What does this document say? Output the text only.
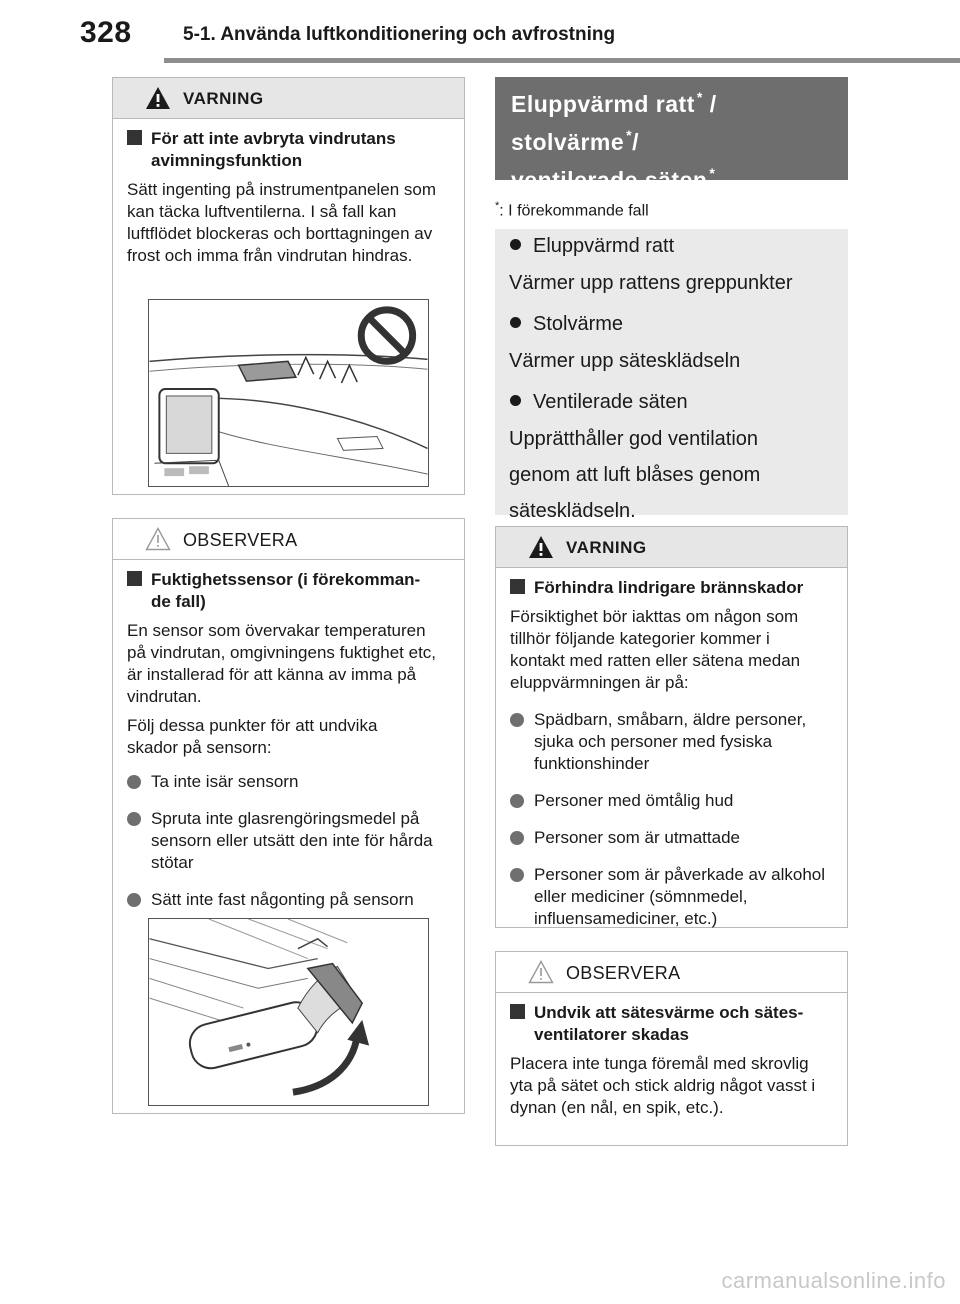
328	5-1. Använda luftkonditionering och avfrostning
VARNING
För att inte avbryta vindrutans
avimningsfunktion
Sätt ingenting på instrumentpanelen som kan täcka luftventilerna. I så fall kan luftflödet blockeras och borttagningen av frost och imma från vindrutan hindras.
OBSERVERA
Fuktighetssensor (i förekomman-
de fall)
En sensor som övervakar temperaturen på vindrutan, omgivningens fuktighet etc, är installerad för att känna av imma på vindrutan.
Följ dessa punkter för att undvika skador på sensorn:
Ta inte isär sensorn
Spruta inte glasrengöringsmedel på sensorn eller utsätt den inte för hårda stötar
Sätt inte fast någonting på sensorn
Eluppvärmd ratt * /
stolvärme */
ventilerade säten *
*: I förekommande fall
Eluppvärmd ratt
Värmer upp rattens greppunkter
Stolvärme
Värmer upp sätesklädseln
Ventilerade säten
Upprätthåller god ventilation genom att luft blåses genom sätesklädseln.
VARNING
Förhindra lindrigare brännskador
Försiktighet bör iakttas om någon som tillhör följande kategorier kommer i kontakt med ratten eller sätena medan eluppvärmningen är på:
Spädbarn, småbarn, äldre personer, sjuka och personer med fysiska funktionshinder
Personer med ömtålig hud
Personer som är utmattade
Personer som är påverkade av alkohol eller mediciner (sömnmedel, influensamediciner, etc.)
OBSERVERA
Undvik att sätesvärme och sätes-
ventilatorer skadas
Placera inte tunga föremål med skrovlig yta på sätet och stick aldrig något vasst i dynan (en nål, en spik, etc.).
carmanualsonline.info
